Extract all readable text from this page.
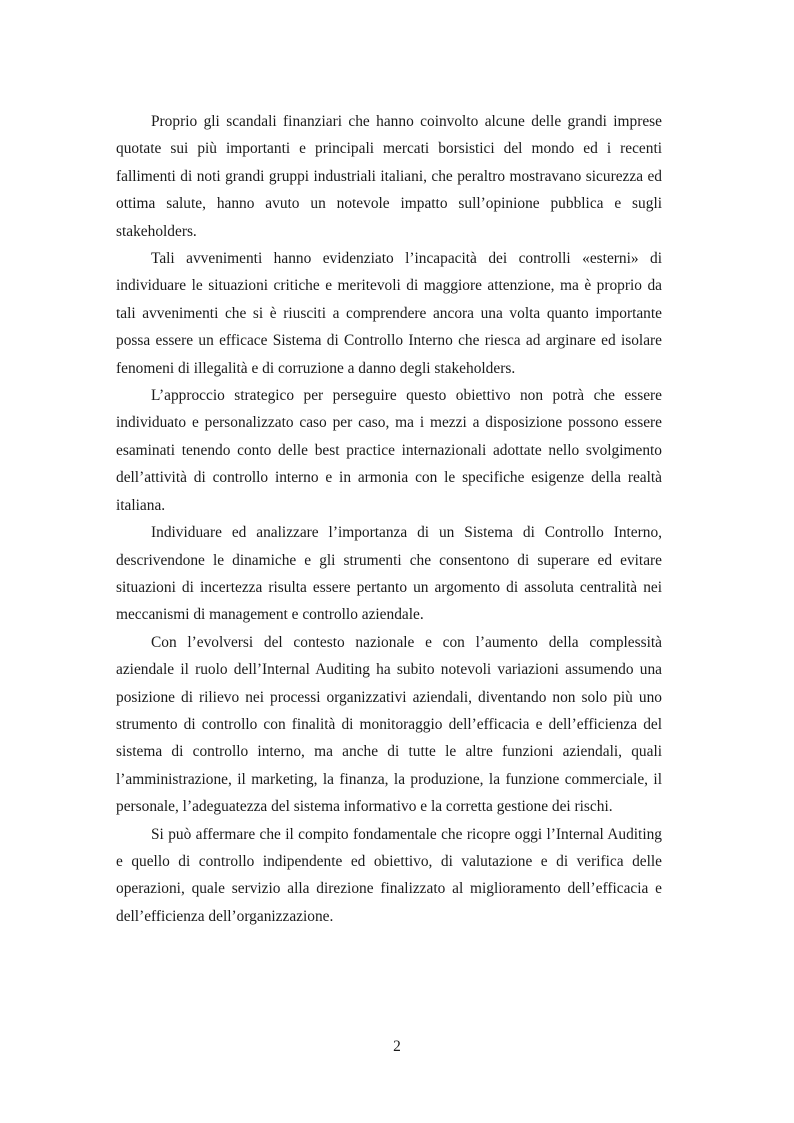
Proprio gli scandali finanziari che hanno coinvolto alcune delle grandi imprese quotate sui più importanti e principali mercati borsistici del mondo ed i recenti fallimenti di noti grandi gruppi industriali italiani, che peraltro mostravano sicurezza ed ottima salute, hanno avuto un notevole impatto sull’opinione pubblica e sugli stakeholders.

Tali avvenimenti hanno evidenziato l’incapacità dei controlli «esterni» di individuare le situazioni critiche e meritevoli di maggiore attenzione, ma è proprio da tali avvenimenti che si è riusciti a comprendere ancora una volta quanto importante possa essere un efficace Sistema di Controllo Interno che riesca ad arginare ed isolare fenomeni di illegalità e di corruzione a danno degli stakeholders.

L’approccio strategico per perseguire questo obiettivo non potrà che essere individuato e personalizzato caso per caso, ma i mezzi a disposizione possono essere esaminati tenendo conto delle best practice internazionali adottate nello svolgimento dell’attività di controllo interno e in armonia con le specifiche esigenze della realtà italiana.

Individuare ed analizzare l’importanza di un Sistema di Controllo Interno, descrivendone le dinamiche e gli strumenti che consentono di superare ed evitare situazioni di incertezza risulta essere pertanto un argomento di assoluta centralità nei meccanismi di management e controllo aziendale.

Con l’evolversi del contesto nazionale e con l’aumento della complessità aziendale il ruolo dell’Internal Auditing ha subito notevoli variazioni assumendo una posizione di rilievo nei processi organizzativi aziendali, diventando non solo più uno strumento di controllo con finalità di monitoraggio dell’efficacia e dell’efficienza del sistema di controllo interno, ma anche di tutte le altre funzioni aziendali, quali l’amministrazione, il marketing, la finanza, la produzione, la funzione commerciale, il personale, l’adeguatezza del sistema informativo e la corretta gestione dei rischi.

Si può affermare che il compito fondamentale che ricopre oggi l’Internal Auditing e quello di controllo indipendente ed obiettivo, di valutazione e di verifica delle operazioni, quale servizio alla direzione finalizzato al miglioramento dell’efficacia e dell’efficienza dell’organizzazione.

2
